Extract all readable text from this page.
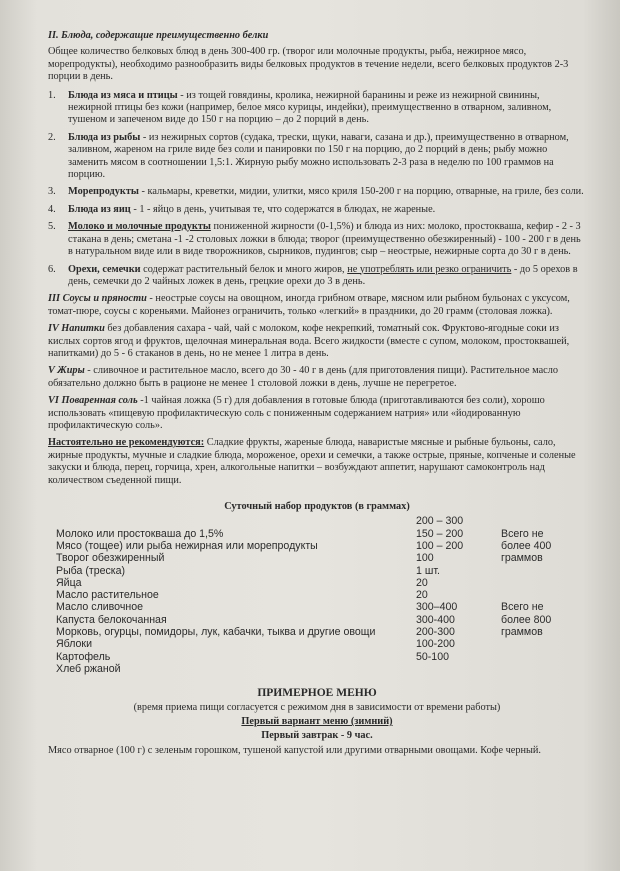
II. Блюда, содержащие преимущественно белки

Общее количество белковых блюд в день 300-400 гр. (творог или молочные продукты, рыба, нежирное мясо, морепродукты), необходимо разнообразить виды белковых продуктов в течение недели, всего белковых продуктов 2-3 порции в день.

1.	Блюда из мяса и птицы - из тощей говядины, кролика, нежирной баранины и реже из нежирной свинины, нежирной птицы без кожи (например, белое мясо курицы, индейки), преимущественно в отварном, заливном, тушеном и запеченом виде до 150 г на порцию – до 2 порций в день.
2.	Блюда из рыбы - из нежирных сортов (судака, трески, щуки, наваги, сазана и др.), преимущественно в отварном, заливном, жареном на гриле виде без соли и панировки по 150 г на порцию, до 2 порций в день; рыбу можно заменить мясом в соотношении 1,5:1. Жирную рыбу можно использовать 2-3 раза в неделю по 100 граммов на порцию.
3.	Морепродукты - кальмары, креветки, мидии, улитки, мясо криля 150-200 г на порцию, отварные, на гриле, без соли.
4.	Блюда из яиц - 1 - яйцо в день, учитывая те, что содержатся в блюдах, не жареные.
5.	Молоко и молочные продукты пониженной жирности (0-1,5%) и блюда из них: молоко, простокваша, кефир - 2 - 3 стакана в день; сметана -1 -2 столовых ложки в блюда; творог (преимущественно обезжиренный) - 100 - 200 г в день в натуральном виде или в виде творожников, сырников, пудингов; сыр – неострые, нежирные сорта до 30 г в день.
6.	Орехи, семечки содержат растительный белок и много жиров, не употреблять или резко ограничить - до 5 орехов в день, семечки до 2 чайных ложек в день, грецкие орехи до 3 в день.

III Соусы и пряности - неострые соусы на овощном, иногда грибном отваре, мясном или рыбном бульонах с уксусом, томат-пюре, соусы с кореньями. Майонез ограничить, только «легкий» в праздники, до 20 грамм (столовая ложка).

IV Напитки без добавления сахара - чай, чай с молоком, кофе некрепкий, томатный сок. Фруктово-ягодные соки из кислых сортов ягод и фруктов, щелочная минеральная вода. Всего жидкости (вместе с супом, молоком, простоквашей, напитками) до 5 - 6 стаканов в день, но не менее 1 литра в день.

V Жиры - сливочное и растительное масло, всего до 30 - 40 г в день (для приготовления пищи). Растительное масло обязательно должно быть в рационе не менее 1 столовой ложки в день, лучше не перегретое.

VI Поваренная соль -1 чайная ложка (5 г) для добавления в готовые блюда (приготавливаются без соли), хорошо использовать «пищевую профилактическую соль с пониженным содержанием натрия» или «йодированную профилактическую соль».

Настоятельно не рекомендуются: Сладкие фрукты, жареные блюда, наваристые мясные и рыбные бульоны, сало, жирные продукты, мучные и сладкие блюда, мороженое, орехи и семечки, а также острые, пряные, копченые и соленые закуски и блюда, перец, горчица, хрен, алкогольные напитки – возбуждают аппетит, нарушают самоконтроль над количеством съеденной пищи.

Суточный набор продуктов (в граммах)

200 – 300
Молоко или простокваша до 1,5%	150 – 200	Всего не
Мясо (тощее) или рыба нежирная или морепродукты	100 – 200	более 400
Творог обезжиренный	100	граммов
Рыба (треска)	1 шт.
Яйца	20
Масло растительное	20
Масло сливочное	300–400	Всего не
Капуста белокочанная	300-400	более 800
Морковь, огурцы, помидоры, лук, кабачки, тыква и другие овощи	200-300	граммов
Яблоки	100-200
Картофель	50-100
Хлеб ржаной

ПРИМЕРНОЕ МЕНЮ

(время приема пищи согласуется с режимом дня в зависимости от времени работы)

Первый вариант меню (зимний)

Первый завтрак - 9 час.

Мясо отварное (100 г) с зеленым горошком, тушеной капустой или другими отварными овощами. Кофе черный.
